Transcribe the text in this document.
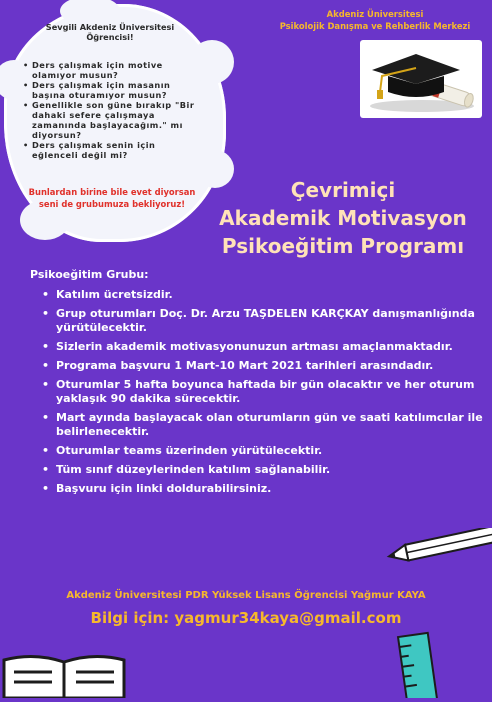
Sevgili Akdeniz Üniversitesi Öğrencisi!
• Ders çalışmak için motive olamıyor musun?
• Ders çalışmak için masanın başına oturamıyor musun?
• Genellikle son güne bırakıp "Bir dahaki sefere çalışmaya zamanında başlayacağım." mı diyorsun?
• Ders çalışmak senin için eğlenceli değil mi?
Bunlardan birine bile evet diyorsan seni de grubumuza bekliyoruz!
Akdeniz Üniversitesi
Psikolojik Danışma ve Rehberlik Merkezi
Çevrimiçi
Akademik Motivasyon
Psikoeğitim Programı
Psikoeğitim Grubu:
• Katılım ücretsizdir.
• Grup oturumları Doç. Dr. Arzu TAŞDELEN KARÇKAY danışmanlığında yürütülecektir.
• Sizlerin akademik motivasyonunuzun artması amaçlanmaktadır.
• Programa başvuru 1 Mart-10 Mart 2021 tarihleri arasındadır.
• Oturumlar 5 hafta boyunca haftada bir gün olacaktır ve her oturum yaklaşık 90 dakika sürecektir.
• Mart ayında başlayacak olan oturumların gün ve saati katılımcılar ile belirlenecektir.
• Oturumlar teams üzerinden yürütülecektir.
• Tüm sınıf düzeylerinden katılım sağlanabilir.
• Başvuru için linki doldurabilirsiniz.
Akdeniz Üniversitesi PDR Yüksek Lisans Öğrencisi Yağmur KAYA
Bilgi için: yagmur34kaya@gmail.com
